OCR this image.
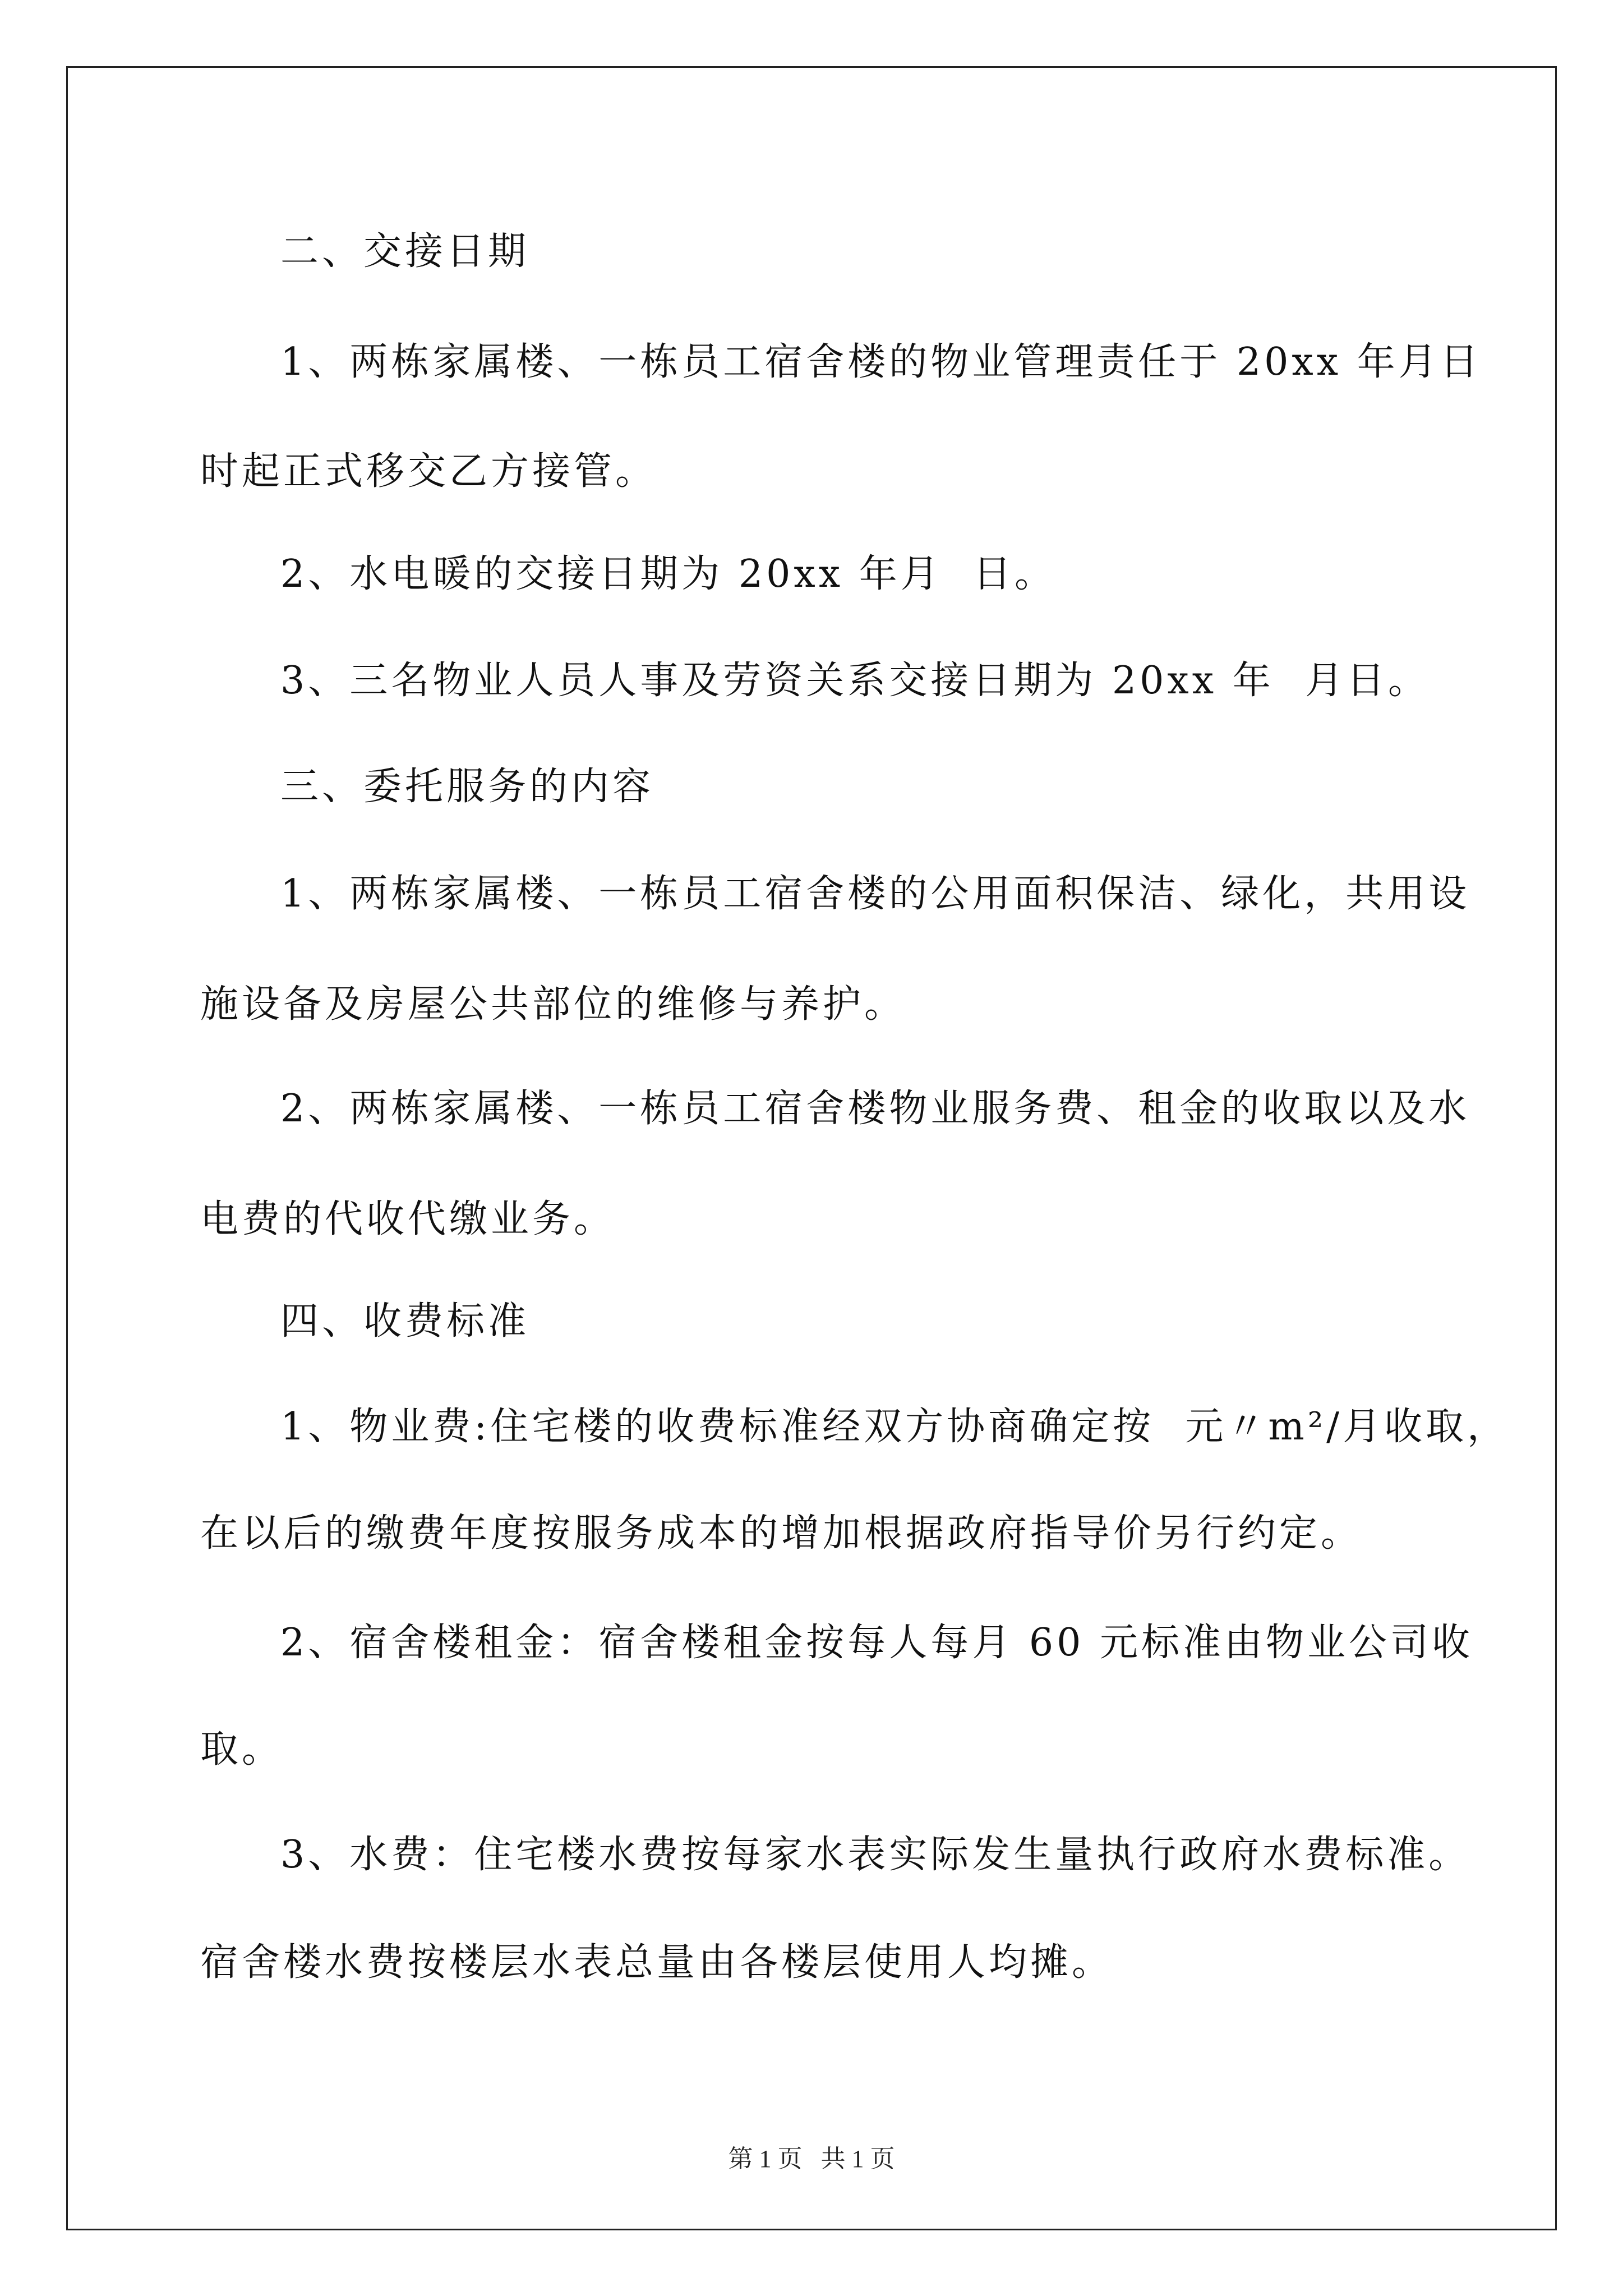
二、交接日期
1、两栋家属楼、一栋员工宿舍楼的物业管理责任于 20xx 年月日
时起正式移交乙方接管。
2、水电暖的交接日期为 20xx 年月  日。
3、三名物业人员人事及劳资关系交接日期为 20xx 年  月日。
三、委托服务的内容
1、两栋家属楼、一栋员工宿舍楼的公用面积保洁、绿化，共用设
施设备及房屋公共部位的维修与养护。
2、两栋家属楼、一栋员工宿舍楼物业服务费、租金的收取以及水
电费的代收代缴业务。
四、收费标准
1、物业费:住宅楼的收费标准经双方协商确定按  元〃m²/月收取，
在以后的缴费年度按服务成本的增加根据政府指导价另行约定。
2、宿舍楼租金：宿舍楼租金按每人每月 60 元标准由物业公司收
取。
3、水费：住宅楼水费按每家水表实际发生量执行政府水费标准。
宿舍楼水费按楼层水表总量由各楼层使用人均摊。
第 1 页   共 1 页
